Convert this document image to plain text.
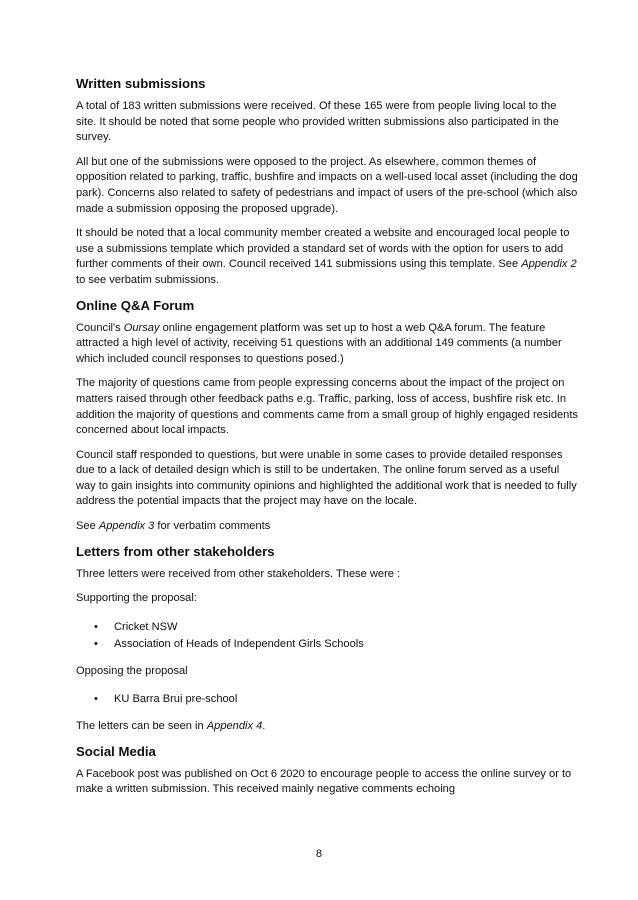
Written submissions

A total of 183 written submissions were received. Of these 165 were from people living local to the site. It should be noted that some people who provided written submissions also participated in the survey.

All but one of the submissions were opposed to the project. As elsewhere, common themes of opposition related to parking, traffic, bushfire and impacts on a well-used local asset (including the dog park). Concerns also related to safety of pedestrians and impact of users of the pre-school (which also made a submission opposing the proposed upgrade).

It should be noted that a local community member created a website and encouraged local people to use a submissions template which provided a standard set of words with the option for users to add further comments of their own. Council received 141 submissions using this template. See Appendix 2 to see verbatim submissions.

Online Q&A Forum

Council's Oursay online engagement platform was set up to host a web Q&A forum. The feature attracted a high level of activity, receiving 51 questions with an additional 149 comments (a number which included council responses to questions posed.)

The majority of questions came from people expressing concerns about the impact of the project on matters raised through other feedback paths e.g. Traffic, parking, loss of access, bushfire risk etc. In addition the majority of questions and comments came from a small group of highly engaged residents concerned about local impacts.

Council staff responded to questions, but were unable in some cases to provide detailed responses due to a lack of detailed design which is still to be undertaken. The online forum served as a useful way to gain insights into community opinions and highlighted the additional work that is needed to fully address the potential impacts that the project may have on the locale.

See Appendix 3 for verbatim comments

Letters from other stakeholders

Three letters were received from other stakeholders. These were :

Supporting the proposal:

• Cricket NSW
• Association of Heads of Independent Girls Schools

Opposing the proposal

• KU Barra Brui pre-school

The letters can be seen in Appendix 4.

Social Media

A Facebook post was published on Oct 6 2020 to encourage people to access the online survey or to make a written submission. This received mainly negative comments echoing

8
